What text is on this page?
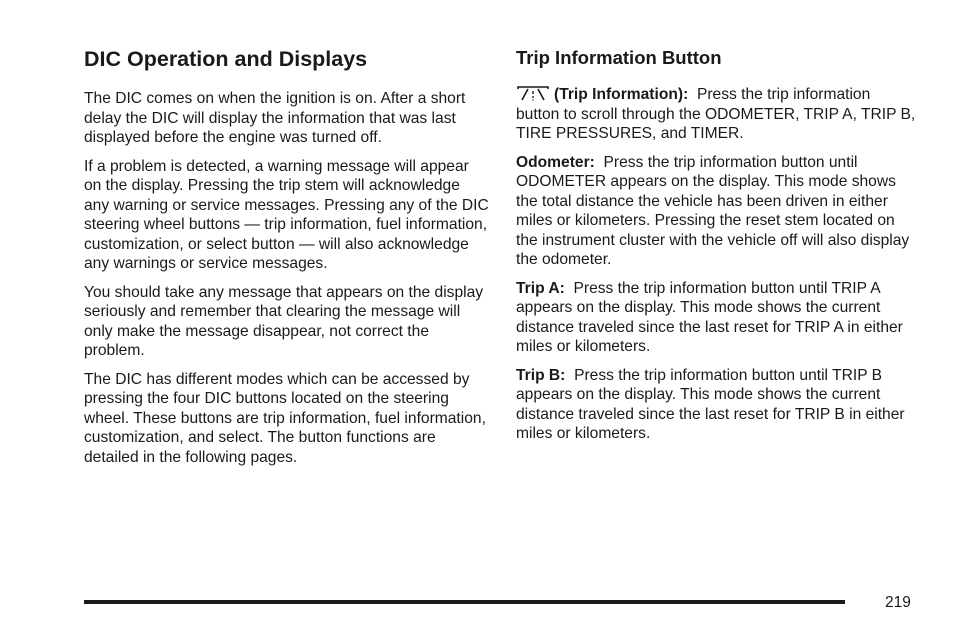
DIC Operation and Displays

The DIC comes on when the ignition is on. After a short delay the DIC will display the information that was last displayed before the engine was turned off.

If a problem is detected, a warning message will appear on the display. Pressing the trip stem will acknowledge any warning or service messages. Pressing any of the DIC steering wheel buttons — trip information, fuel information, customization, or select button — will also acknowledge any warnings or service messages.

You should take any message that appears on the display seriously and remember that clearing the message will only make the message disappear, not correct the problem.

The DIC has different modes which can be accessed by pressing the four DIC buttons located on the steering wheel. These buttons are trip information, fuel information, customization, and select. The button functions are detailed in the following pages.

Trip Information Button

(Trip Information): Press the trip information button to scroll through the ODOMETER, TRIP A, TRIP B, TIRE PRESSURES, and TIMER.

Odometer: Press the trip information button until ODOMETER appears on the display. This mode shows the total distance the vehicle has been driven in either miles or kilometers. Pressing the reset stem located on the instrument cluster with the vehicle off will also display the odometer.

Trip A: Press the trip information button until TRIP A appears on the display. This mode shows the current distance traveled since the last reset for TRIP A in either miles or kilometers.

Trip B: Press the trip information button until TRIP B appears on the display. This mode shows the current distance traveled since the last reset for TRIP B in either miles or kilometers.

219
